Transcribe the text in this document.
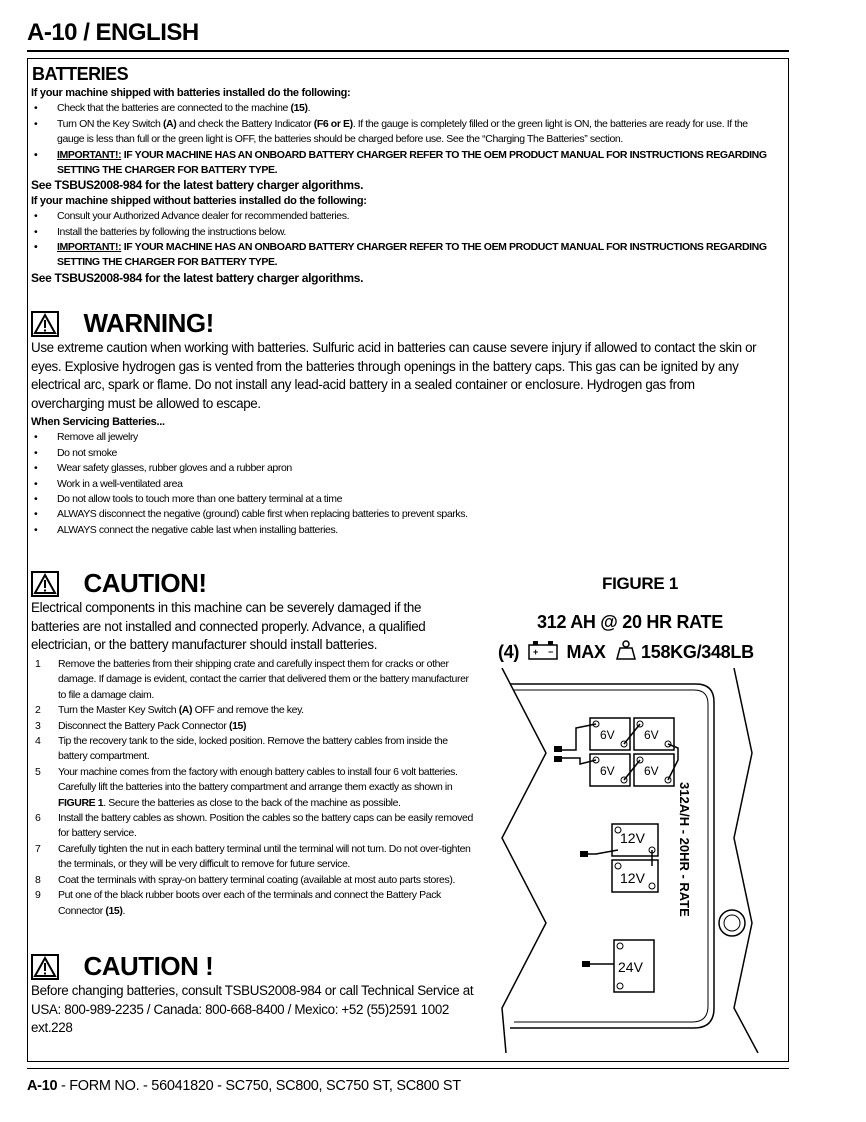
A-10 / ENGLISH
BATTERIES
If your machine shipped with batteries installed do the following:
• Check that the batteries are connected to the machine (15).
• Turn ON the Key Switch (A) and check the Battery Indicator (F6 or E). If the gauge is completely filled or the green light is ON, the batteries are ready for use. If the gauge is less than full or the green light is OFF, the batteries should be charged before use. See the “Charging The Batteries” section.
• IMPORTANT!: IF YOUR MACHINE HAS AN ONBOARD BATTERY CHARGER REFER TO THE OEM PRODUCT MANUAL FOR INSTRUCTIONS REGARDING SETTING THE CHARGER FOR BATTERY TYPE.
See TSBUS2008-984 for the latest battery charger algorithms.
If your machine shipped without batteries installed do the following:
• Consult your Authorized Advance dealer for recommended batteries.
• Install the batteries by following the instructions below.
• IMPORTANT!: IF YOUR MACHINE HAS AN ONBOARD BATTERY CHARGER REFER TO THE OEM PRODUCT MANUAL FOR INSTRUCTIONS REGARDING SETTING THE CHARGER FOR BATTERY TYPE.
See TSBUS2008-984 for the latest battery charger algorithms.
WARNING!
Use extreme caution when working with batteries. Sulfuric acid in batteries can cause severe injury if allowed to contact the skin or eyes. Explosive hydrogen gas is vented from the batteries through openings in the battery caps. This gas can be ignited by any electrical arc, spark or flame. Do not install any lead-acid battery in a sealed container or enclosure. Hydrogen gas from overcharging must be allowed to escape.
When Servicing Batteries...
• Remove all jewelry
• Do not smoke
• Wear safety glasses, rubber gloves and a rubber apron
• Work in a well-ventilated area
• Do not allow tools to touch more than one battery terminal at a time
• ALWAYS disconnect the negative (ground) cable first when replacing batteries to prevent sparks.
• ALWAYS connect the negative cable last when installing batteries.
CAUTION!
Electrical components in this machine can be severely damaged if the batteries are not installed and connected properly. Advance, a qualified electrician, or the battery manufacturer should install batteries.
1 Remove the batteries from their shipping crate and carefully inspect them for cracks or other damage. If damage is evident, contact the carrier that delivered them or the battery manufacturer to file a damage claim.
2 Turn the Master Key Switch (A) OFF and remove the key.
3 Disconnect the Battery Pack Connector (15)
4 Tip the recovery tank to the side, locked position. Remove the battery cables from inside the battery compartment.
5 Your machine comes from the factory with enough battery cables to install four 6 volt batteries. Carefully lift the batteries into the battery compartment and arrange them exactly as shown in FIGURE 1. Secure the batteries as close to the back of the machine as possible.
6 Install the battery cables as shown. Position the cables so the battery caps can be easily removed for battery service.
7 Carefully tighten the nut in each battery terminal until the terminal will not turn. Do not over-tighten the terminals, or they will be very difficult to remove for future service.
8 Coat the terminals with spray-on battery terminal coating (available at most auto parts stores).
9 Put one of the black rubber boots over each of the terminals and connect the Battery Pack Connector (15).
CAUTION !
Before changing batteries, consult TSBUS2008-984 or call Technical Service at USA: 800-989-2235 / Canada: 800-668-8400 / Mexico: +52 (55)2591 1002 ext.228
FIGURE 1
312 AH @ 20 HR RATE
(4) + − MAX 158KG/348LB
6V 6V
6V 6V
12V
12V
24V
312A/H - 20HR - RATE
A-10 - FORM NO. - 56041820 - SC750, SC800, SC750 ST, SC800 ST
